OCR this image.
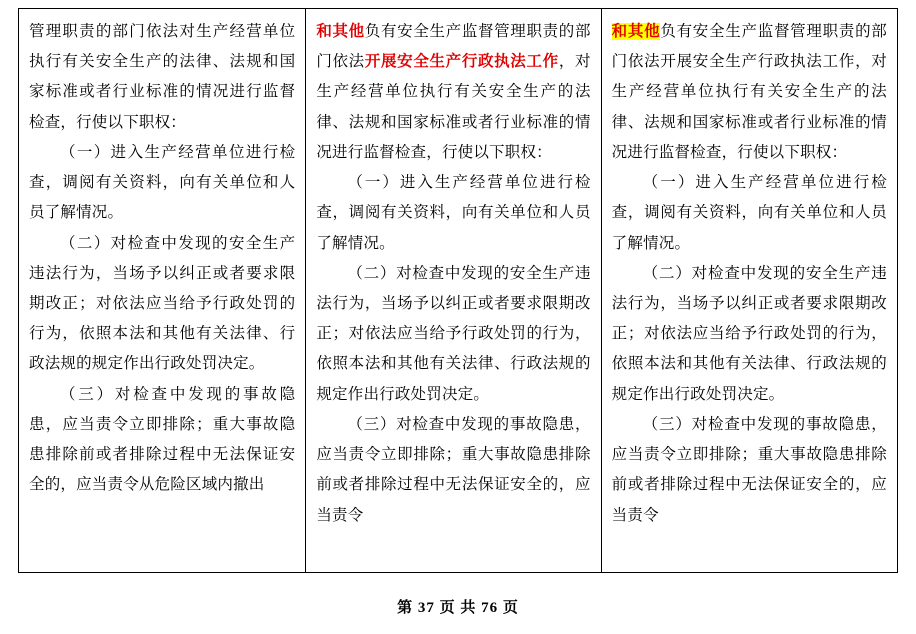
管理职责的部门依法对生产经营单位执行有关安全生产的法律、法规和国家标准或者行业标准的情况进行监督检查，行使以下职权：

（一）进入生产经营单位进行检查，调阅有关资料，向有关单位和人员了解情况。

（二）对检查中发现的安全生产违法行为，当场予以纠正或者要求限期改正；对依法应当给予行政处罚的行为，依照本法和其他有关法律、行政法规的规定作出行政处罚决定。

（三）对检查中发现的事故隐患，应当责令立即排除；重大事故隐患排除前或者排除过程中无法保证安全的，应当责令从危险区域内撤出

和其他负有安全生产监督管理职责的部门依法开展安全生产行政执法工作，对生产经营单位执行有关安全生产的法律、法规和国家标准或者行业标准的情况进行监督检查，行使以下职权：

（一）进入生产经营单位进行检查，调阅有关资料，向有关单位和人员了解情况。

（二）对检查中发现的安全生产违法行为，当场予以纠正或者要求限期改正；对依法应当给予行政处罚的行为，依照本法和其他有关法律、行政法规的规定作出行政处罚决定。

（三）对检查中发现的事故隐患，应当责令立即排除；重大事故隐患排除前或者排除过程中无法保证安全的，应当责令

和其他负有安全生产监督管理职责的部门依法开展安全生产行政执法工作，对生产经营单位执行有关安全生产的法律、法规和国家标准或者行业标准的情况进行监督检查，行使以下职权：

（一）进入生产经营单位进行检查，调阅有关资料，向有关单位和人员了解情况。

（二）对检查中发现的安全生产违法行为，当场予以纠正或者要求限期改正；对依法应当给予行政处罚的行为，依照本法和其他有关法律、行政法规的规定作出行政处罚决定。

（三）对检查中发现的事故隐患，应当责令立即排除；重大事故隐患排除前或者排除过程中无法保证安全的，应当责令

第 37 页 共 76 页
